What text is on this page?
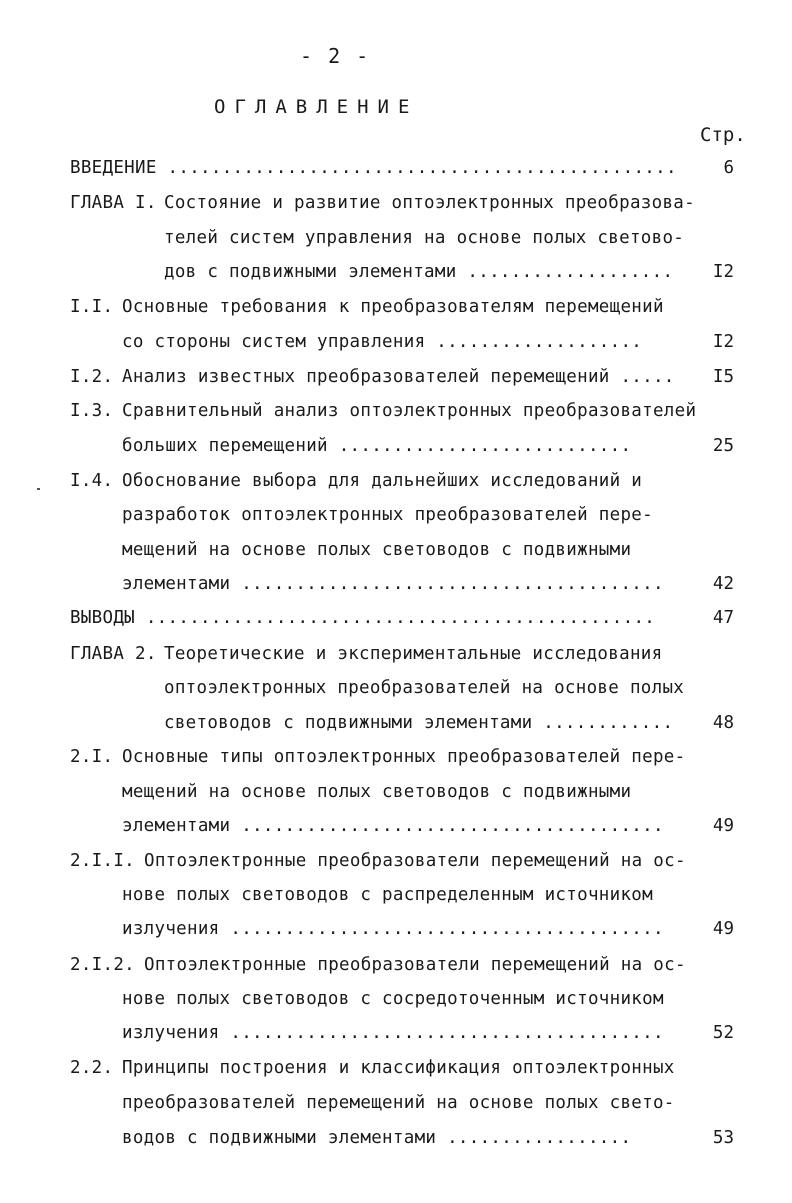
- 2 -
ОГЛАВЛЕНИЕ
Стр.
ВВЕДЕНИЕ ...............................................	6
ГЛАВА I. Состояние и развитие оптоэлектронных преобразова-
телей систем управления на основе полых светово-
дов с подвижными элементами ................... I2
I.I. Основные требования к преобразователям перемещений
со стороны систем управления ...................	I2
I.2. Анализ известных преобразователей перемещений ..... I5
I.3. Сравнительный анализ оптоэлектронных преобразователей
больших перемещений ...........................	25
I.4. Обоснование выбора для дальнейших исследований и
разработок оптоэлектронных преобразователей пере-
мещений на основе полых световодов с подвижными
элементами .......................................	42
ВЫВОДЫ ...............................................	47
ГЛАВА 2. Теоретические и экспериментальные исследования
оптоэлектронных преобразователей на основе полых
световодов с подвижными элементами ............ 48
2.I. Основные типы оптоэлектронных преобразователей пере-
мещений на основе полых световодов с подвижными
элементами .......................................	49
2.I.I. Оптоэлектронные преобразователи перемещений на ос-
нове полых световодов с распределенным источником
излучения ........................................	49
2.I.2. Оптоэлектронные преобразователи перемещений на ос-
нове полых световодов с сосредоточенным источником
излучения ........................................	52
2.2. Принципы построения и классификация оптоэлектронных
преобразователей перемещений на основе полых свето-
водов с подвижными элементами .................	53
